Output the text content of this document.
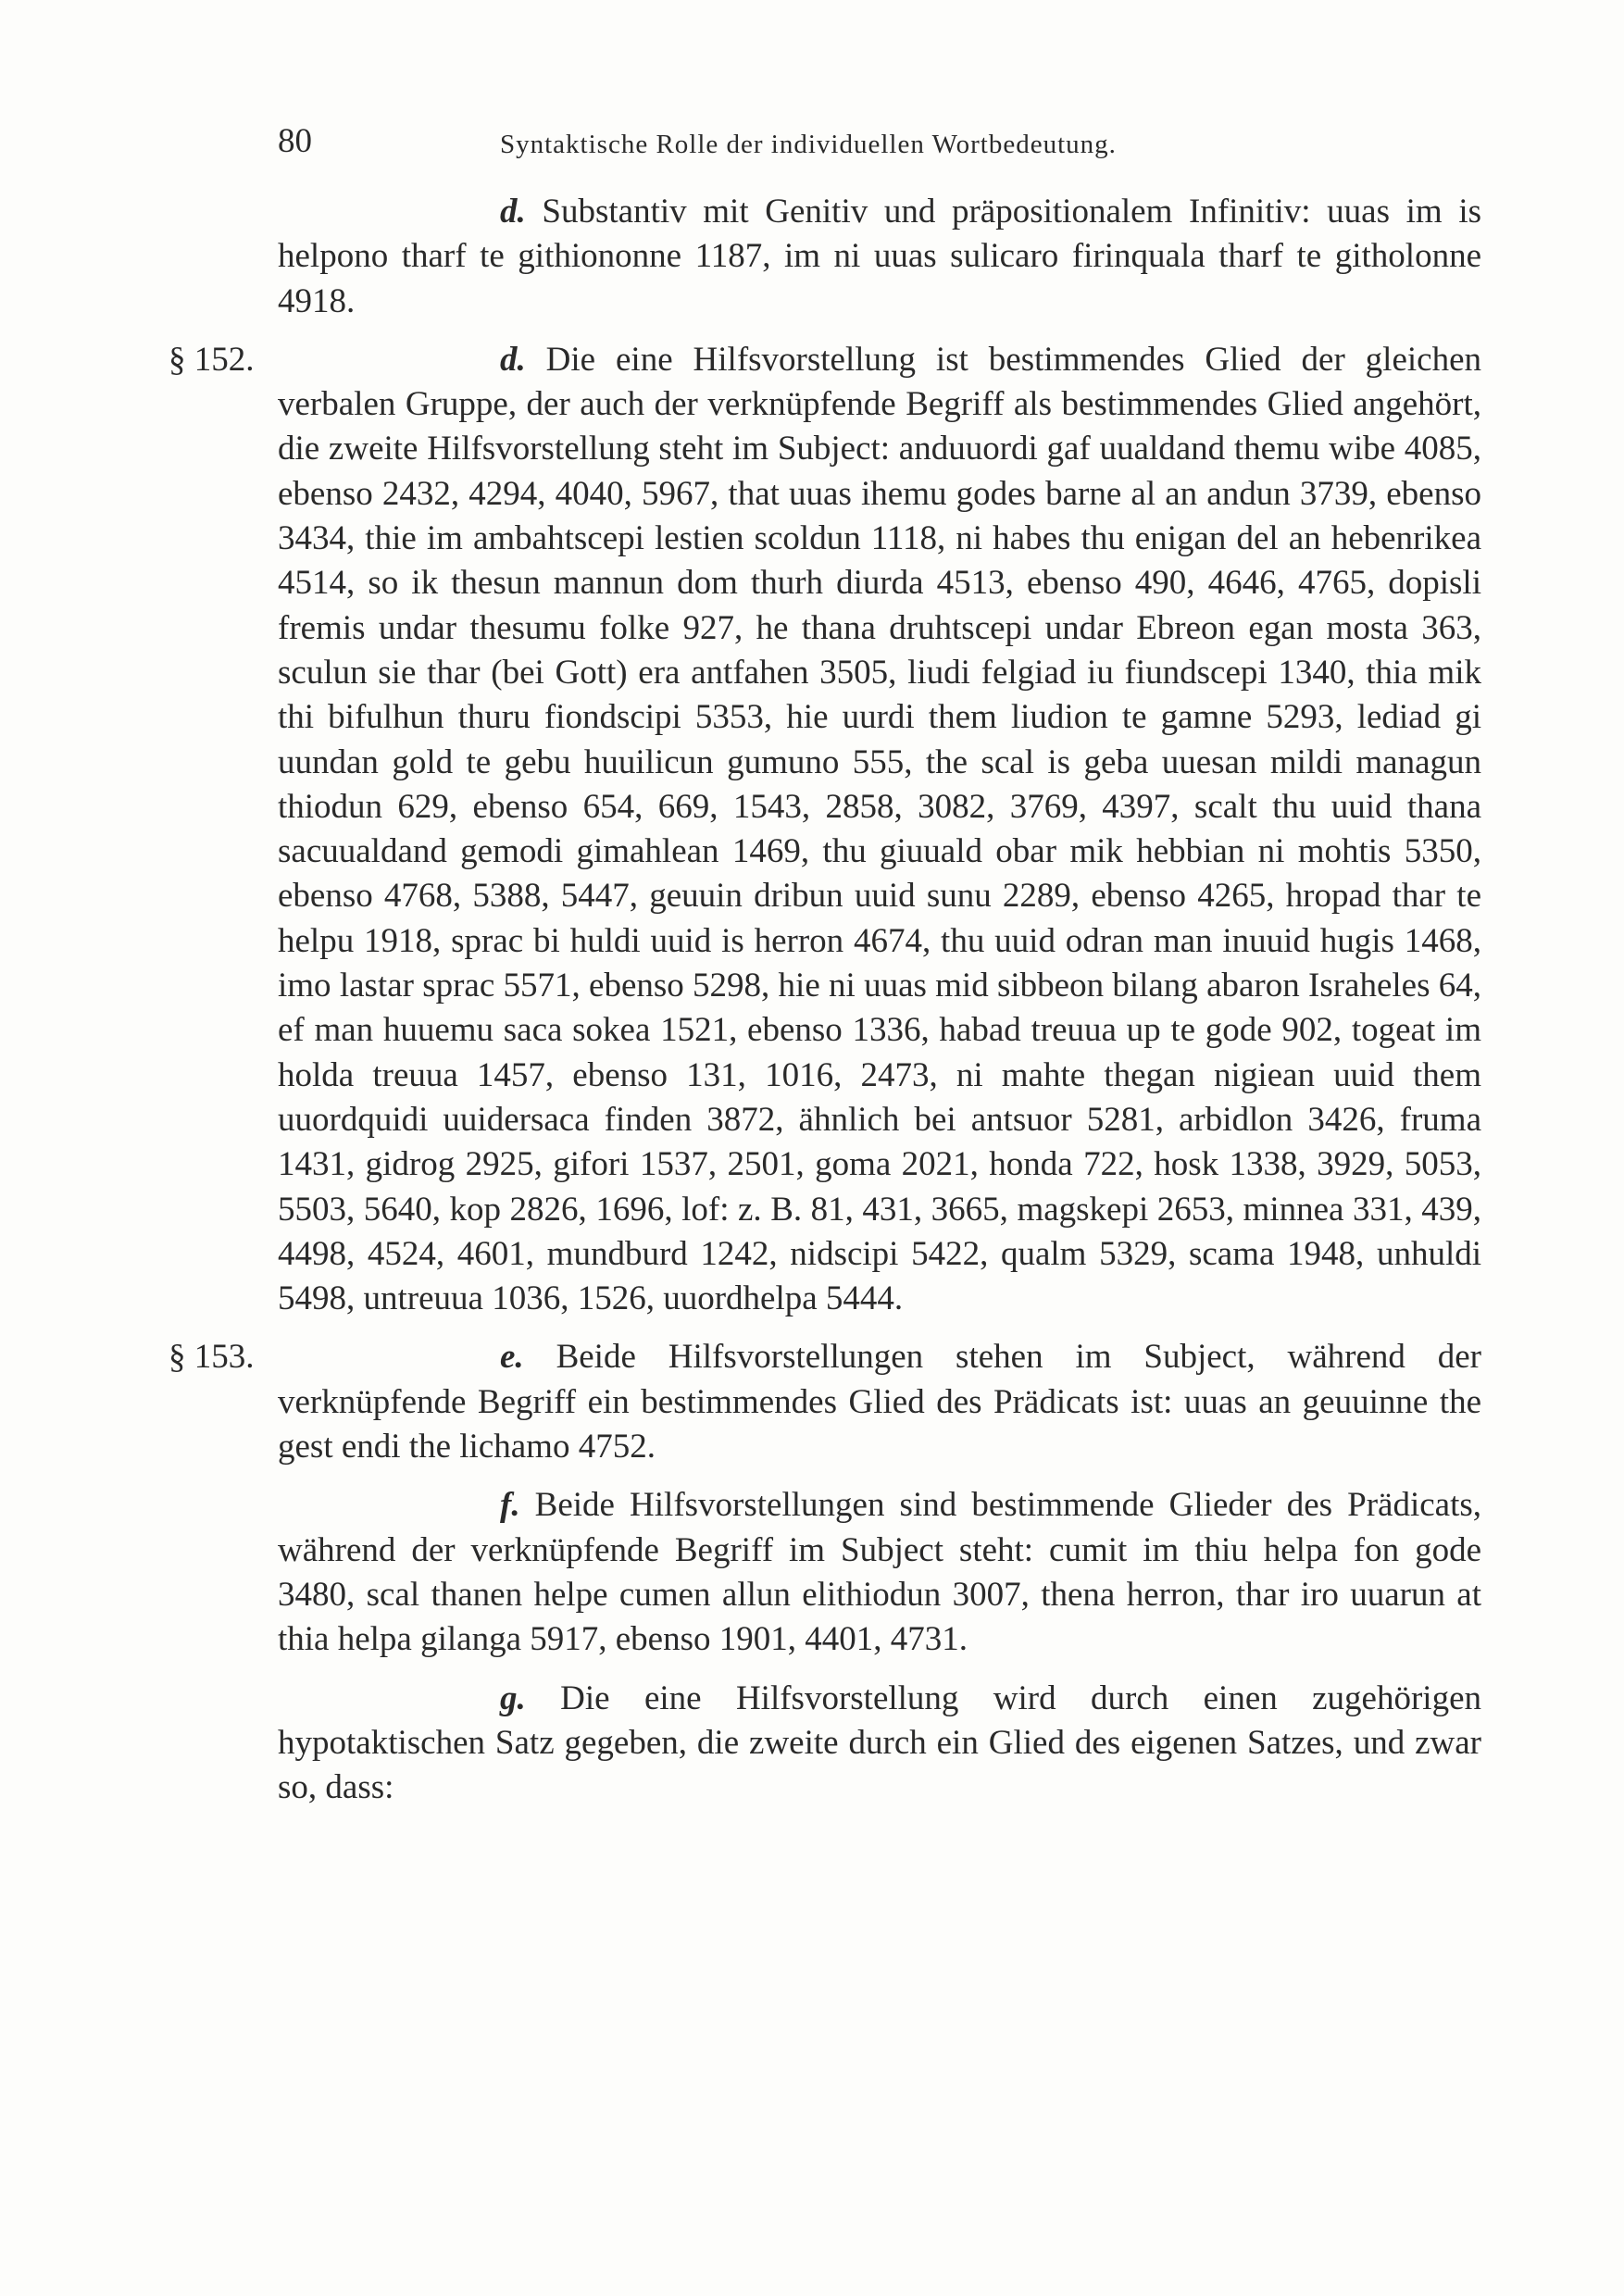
80	Syntaktische Rolle der individuellen Wortbedeutung.

d. Substantiv mit Genitiv und präpositionalem Infinitiv: uuas im is helpono tharf te githiononne 1187, im ni uuas sulicaro firinquala tharf te githolonne 4918.

§ 152.	d. Die eine Hilfsvorstellung ist bestimmendes Glied der gleichen verbalen Gruppe, der auch der verknüpfende Begriff als bestimmendes Glied angehört, die zweite Hilfsvorstellung steht im Subject: anduuordi gaf uualdand themu wibe 4085, ebenso 2432, 4294, 4040, 5967, that uuas ihemu godes barne al an andun 3739, ebenso 3434, thie im ambahtscepi lestien scoldun 1118, ni habes thu enigan del an hebenrikea 4514, so ik thesun mannun dom thurh diurda 4513, ebenso 490, 4646, 4765, dopisli fremis undar thesumu folke 927, he thana druhtscepi undar Ebreon egan mosta 363, sculun sie thar (bei Gott) era antfahen 3505, liudi felgiad iu fiundscepi 1340, thia mik thi bifulhun thuru fiondscipi 5353, hie uurdi them liudion te gamne 5293, lediad gi uundan gold te gebu huuilicun gumuno 555, the scal is geba uuesan mildi managun thiodun 629, ebenso 654, 669, 1543, 2858, 3082, 3769, 4397, scalt thu uuid thana sacuualdand gemodi gimahlean 1469, thu giuuald obar mik hebbian ni mohtis 5350, ebenso 4768, 5388, 5447, geuuin dribun uuid sunu 2289, ebenso 4265, hropad thar te helpu 1918, sprac bi huldi uuid is herron 4674, thu uuid odran man inuuid hugis 1468, imo lastar sprac 5571, ebenso 5298, hie ni uuas mid sibbeon bilang abaron Israheles 64, ef man huuemu saca sokea 1521, ebenso 1336, habad treuua up te gode 902, togeat im holda treuua 1457, ebenso 131, 1016, 2473, ni mahte thegan nigiean uuid them uuordquidi uuidersaca finden 3872, ähnlich bei antsuor 5281, arbidlon 3426, fruma 1431, gidrog 2925, gifori 1537, 2501, goma 2021, honda 722, hosk 1338, 3929, 5053, 5503, 5640, kop 2826, 1696, lof: z. B. 81, 431, 3665, magskepi 2653, minnea 331, 439, 4498, 4524, 4601, mundburd 1242, nidscipi 5422, qualm 5329, scama 1948, unhuldi 5498, untreuua 1036, 1526, uuordhelpa 5444.

§ 153.	e. Beide Hilfsvorstellungen stehen im Subject, während der verknüpfende Begriff ein bestimmendes Glied des Prädicats ist: uuas an geuuinne the gest endi the lichamo 4752.

f. Beide Hilfsvorstellungen sind bestimmende Glieder des Prädicats, während der verknüpfende Begriff im Subject steht: cumit im thiu helpa fon gode 3480, scal thanen helpe cumen allun elithiodun 3007, thena herron, thar iro uuarun at thia helpa gilanga 5917, ebenso 1901, 4401, 4731.

g. Die eine Hilfsvorstellung wird durch einen zugehörigen hypotaktischen Satz gegeben, die zweite durch ein Glied des eigenen Satzes, und zwar so, dass:
